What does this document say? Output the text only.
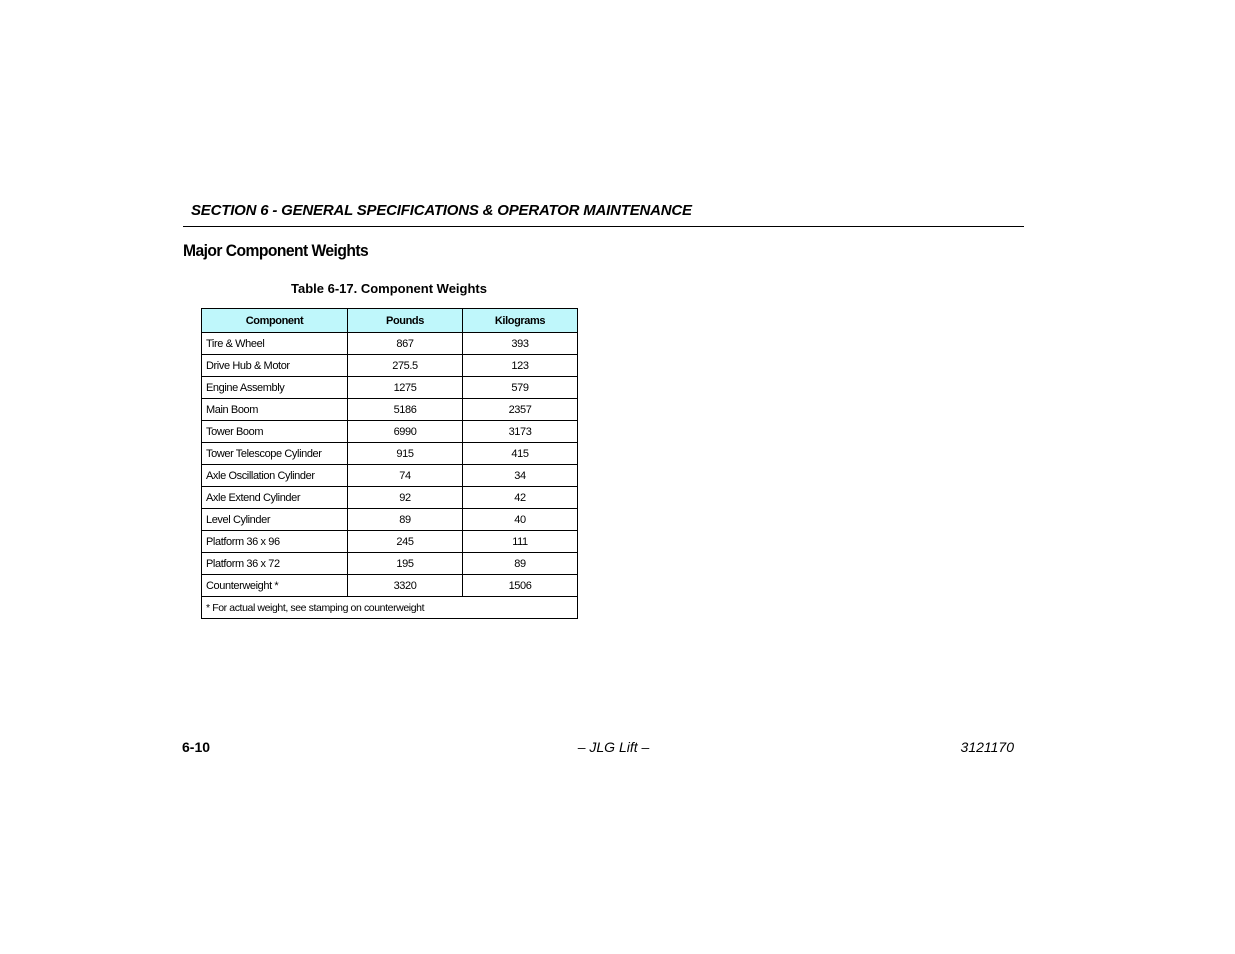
SECTION 6 - GENERAL SPECIFICATIONS & OPERATOR MAINTENANCE
Major Component Weights
Table 6-17. Component Weights
Component	Pounds	Kilograms
Tire & Wheel	867	393
Drive Hub & Motor	275.5	123
Engine Assembly	1275	579
Main Boom	5186	2357
Tower Boom	6990	3173
Tower Telescope Cylinder	915	415
Axle Oscillation Cylinder	74	34
Axle Extend Cylinder	92	42
Level Cylinder	89	40
Platform 36 x 96	245	111
Platform 36 x 72	195	89
Counterweight *	3320	1506
* For actual weight, see stamping on counterweight		
6-10	– JLG Lift –	3121170
